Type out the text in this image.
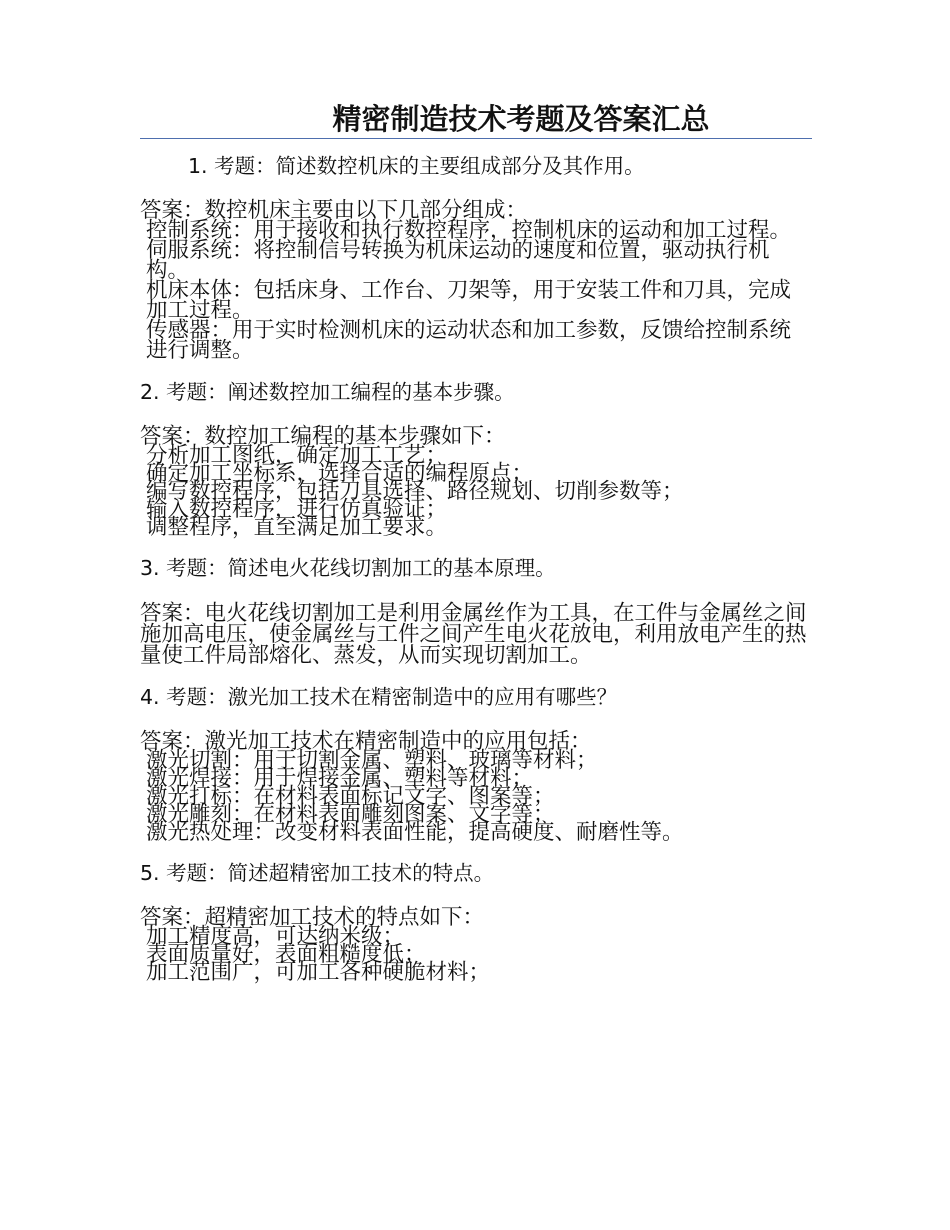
精密制造技术考题及答案汇总

1. 考题：简述数控机床的主要组成部分及其作用。

答案：数控机床主要由以下几部分组成：
控制系统：用于接收和执行数控程序，控制机床的运动和加工过程。
伺服系统：将控制信号转换为机床运动的速度和位置，驱动执行机构。
机床本体：包括床身、工作台、刀架等，用于安装工件和刀具，完成加工过程。
传感器：用于实时检测机床的运动状态和加工参数，反馈给控制系统进行调整。

2. 考题：阐述数控加工编程的基本步骤。

答案：数控加工编程的基本步骤如下：
分析加工图纸，确定加工工艺；
确定加工坐标系，选择合适的编程原点；
编写数控程序，包括刀具选择、路径规划、切削参数等；
输入数控程序，进行仿真验证；
调整程序，直至满足加工要求。

3. 考题：简述电火花线切割加工的基本原理。

答案：电火花线切割加工是利用金属丝作为工具，在工件与金属丝之间施加高电压，使金属丝与工件之间产生电火花放电，利用放电产生的热量使工件局部熔化、蒸发，从而实现切割加工。

4. 考题：激光加工技术在精密制造中的应用有哪些？

答案：激光加工技术在精密制造中的应用包括：
激光切割：用于切割金属、塑料、玻璃等材料；
激光焊接：用于焊接金属、塑料等材料；
激光打标：在材料表面标记文字、图案等；
激光雕刻：在材料表面雕刻图案、文字等；
激光热处理：改变材料表面性能，提高硬度、耐磨性等。

5. 考题：简述超精密加工技术的特点。

答案：超精密加工技术的特点如下：
加工精度高，可达纳米级；
表面质量好，表面粗糙度低；
加工范围广，可加工各种硬脆材料；
